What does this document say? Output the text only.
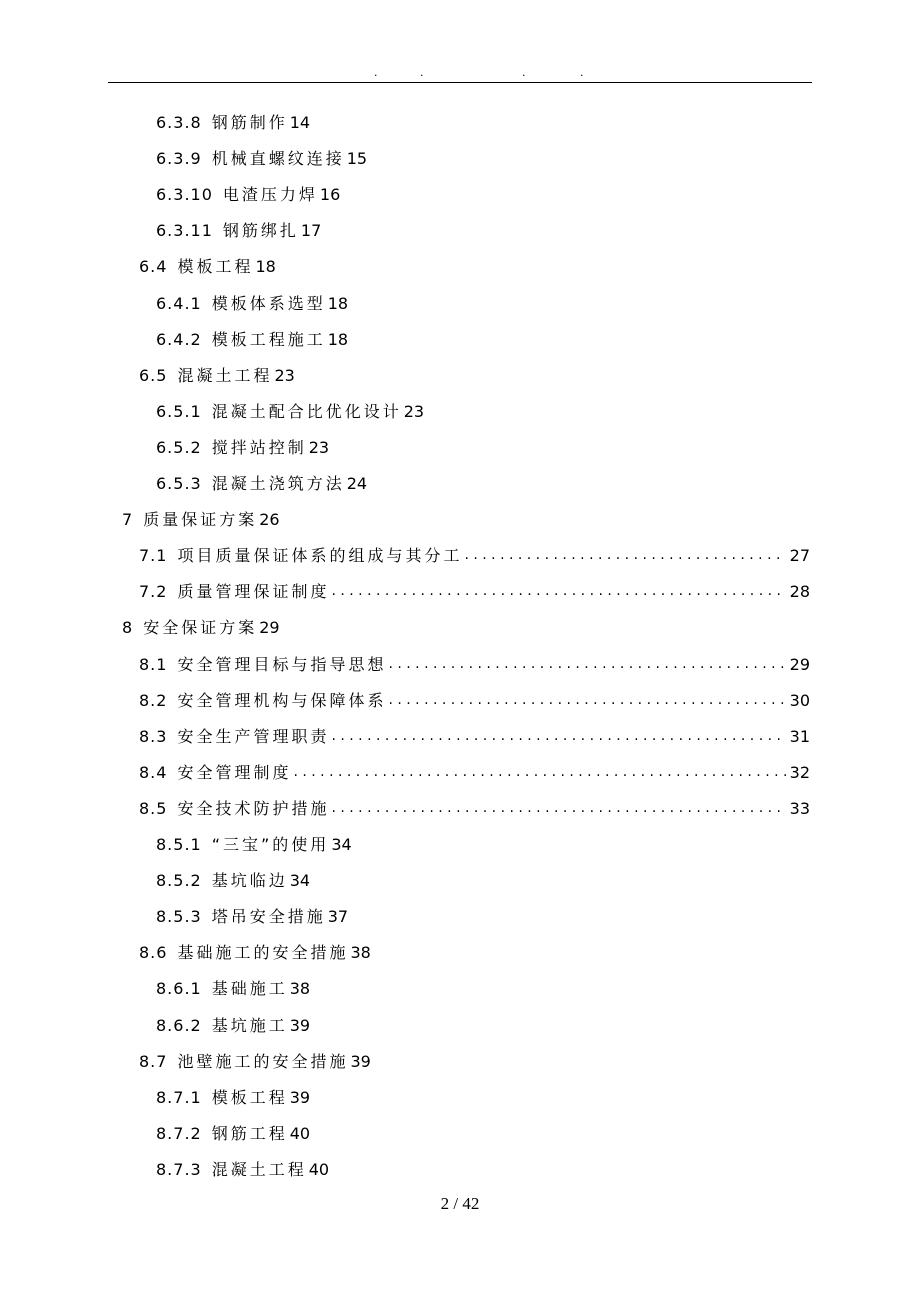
.	.	.	.
6.3.8 钢筋制作 14
6.3.9 机械直螺纹连接 15
6.3.10 电渣压力焊 16
6.3.11 钢筋绑扎 17
6.4 模板工程 18
6.4.1 模板体系选型 18
6.4.2 模板工程施工 18
6.5 混凝土工程 23
6.5.1 混凝土配合比优化设计 23
6.5.2 搅拌站控制 23
6.5.3 混凝土浇筑方法 24
7 质量保证方案 26
7.1 项目质量保证体系的组成与其分工 . . .	27
7.2 质量管理保证制度 . . .	28
8 安全保证方案 29
8.1 安全管理目标与指导思想 . . .	29
8.2 安全管理机构与保障体系 . . .	30
8.3 安全生产管理职责 . . .	31
8.4 安全管理制度 . . .	32
8.5 安全技术防护措施 . . .	33
8.5.1 “三宝”的使用 34
8.5.2 基坑临边 34
8.5.3 塔吊安全措施 37
8.6 基础施工的安全措施 38
8.6.1 基础施工 38
8.6.2 基坑施工 39
8.7 池壁施工的安全措施 39
8.7.1 模板工程 39
8.7.2 钢筋工程 40
8.7.3 混凝土工程 40
2 / 42
